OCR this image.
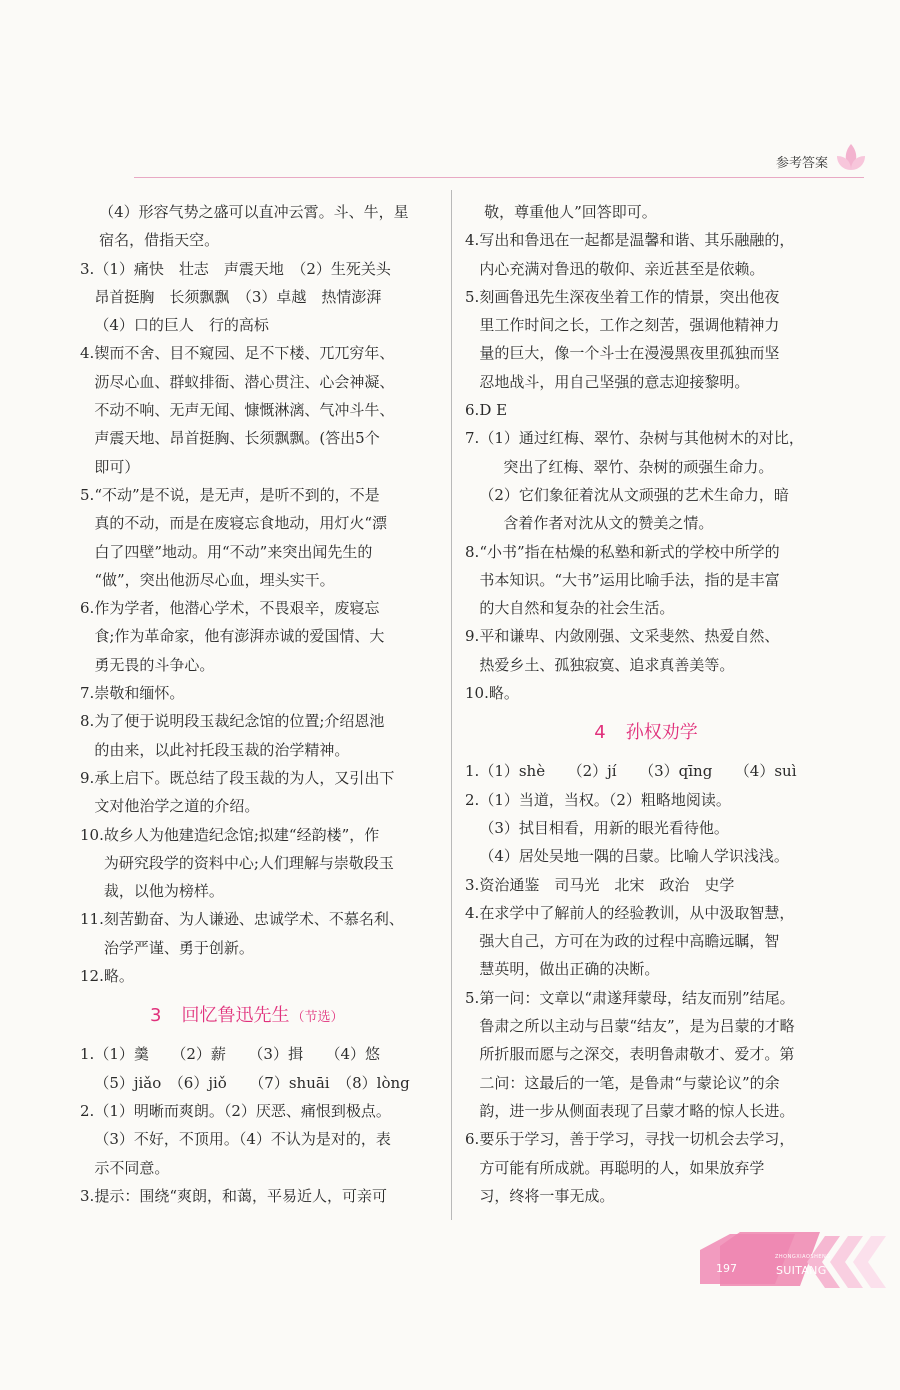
参考答案

（4）形容气势之盛可以直冲云霄。斗、牛，星
宿名，借指天空。
3. （1）痛快　壮志　声震天地　（2）生死关头
昂首挺胸　长须飘飘　（3）卓越　热情澎湃
（4）口的巨人　行的高标
4. 锲而不舍、目不窥园、足不下楼、兀兀穷年、
沥尽心血、群蚁排衙、潜心贯注、心会神凝、
不动不响、无声无闻、慷慨淋漓、气冲斗牛、
声震天地、昂首挺胸、长须飘飘。(答出5个
即可）
5. “不动”是不说，是无声，是听不到的，不是
真的不动，而是在废寝忘食地动，用灯火“漂
白了四壁”地动。用“不动”来突出闻先生的
“做”，突出他沥尽心血，埋头实干。
6. 作为学者，他潜心学术，不畏艰辛，废寝忘
食;作为革命家，他有澎湃赤诚的爱国情、大
勇无畏的斗争心。
7. 崇敬和缅怀。
8. 为了便于说明段玉裁纪念馆的位置;介绍恩池
的由来，以此衬托段玉裁的治学精神。
9. 承上启下。既总结了段玉裁的为人，又引出下
文对他治学之道的介绍。
10. 故乡人为他建造纪念馆;拟建“经韵楼”，作
为研究段学的资料中心;人们理解与崇敬段玉
裁，以他为榜样。
11. 刻苦勤奋、为人谦逊、忠诚学术、不慕名利、
治学严谨、勇于创新。
12. 略。
3 回忆鲁迅先生 （节选）
1. （1）羹　　（2）薪　　（3）揖　　（4）悠
（5）jiǎo　（6）jiǒ　　（7）shuāi　（8）lòng
2. （1）明晰而爽朗。（2）厌恶、痛恨到极点。
（3）不好，不顶用。（4）不认为是对的，表
示不同意。
3. 提示：围绕“爽朗，和蔼，平易近人，可亲可

敬，尊重他人”回答即可。
4. 写出和鲁迅在一起都是温馨和谐、其乐融融的，
内心充满对鲁迅的敬仰、亲近甚至是依赖。
5. 刻画鲁迅先生深夜坐着工作的情景，突出他夜
里工作时间之长，工作之刻苦，强调他精神力
量的巨大，像一个斗士在漫漫黑夜里孤独而坚
忍地战斗，用自己坚强的意志迎接黎明。
6. D E
7. （1）通过红梅、翠竹、杂树与其他树木的对比，
突出了红梅、翠竹、杂树的顽强生命力。
（2）它们象征着沈从文顽强的艺术生命力，暗
含着作者对沈从文的赞美之情。
8. “小书”指在枯燥的私塾和新式的学校中所学的
书本知识。“大书”运用比喻手法，指的是丰富
的大自然和复杂的社会生活。
9. 平和谦卑、内敛刚强、文采斐然、热爱自然、
热爱乡土、孤独寂寞、追求真善美等。
10. 略。
4 孙权劝学
1. （1）shè　　（2）jí　　（3）qīng　　（4）suì
2. （1）当道，当权。（2）粗略地阅读。
（3）拭目相看，用新的眼光看待他。
（4）居处吴地一隅的吕蒙。比喻人学识浅浅。
3. 资治通鉴　司马光　北宋　政治　史学
4. 在求学中了解前人的经验教训，从中汲取智慧，
强大自己，方可在为政的过程中高瞻远瞩，智
慧英明，做出正确的决断。
5. 第一问：文章以“肃遂拜蒙母，结友而别”结尾。
鲁肃之所以主动与吕蒙“结友”，是为吕蒙的才略
所折服而愿与之深交，表明鲁肃敬才、爱才。第
二问：这最后的一笔，是鲁肃“与蒙论议”的余
韵，进一步从侧面表现了吕蒙才略的惊人长进。
6. 要乐于学习，善于学习，寻找一切机会去学习，
方可能有所成就。再聪明的人，如果放弃学
习，终将一事无成。
197
ZHONGXIAOSHENG
SUITANG
